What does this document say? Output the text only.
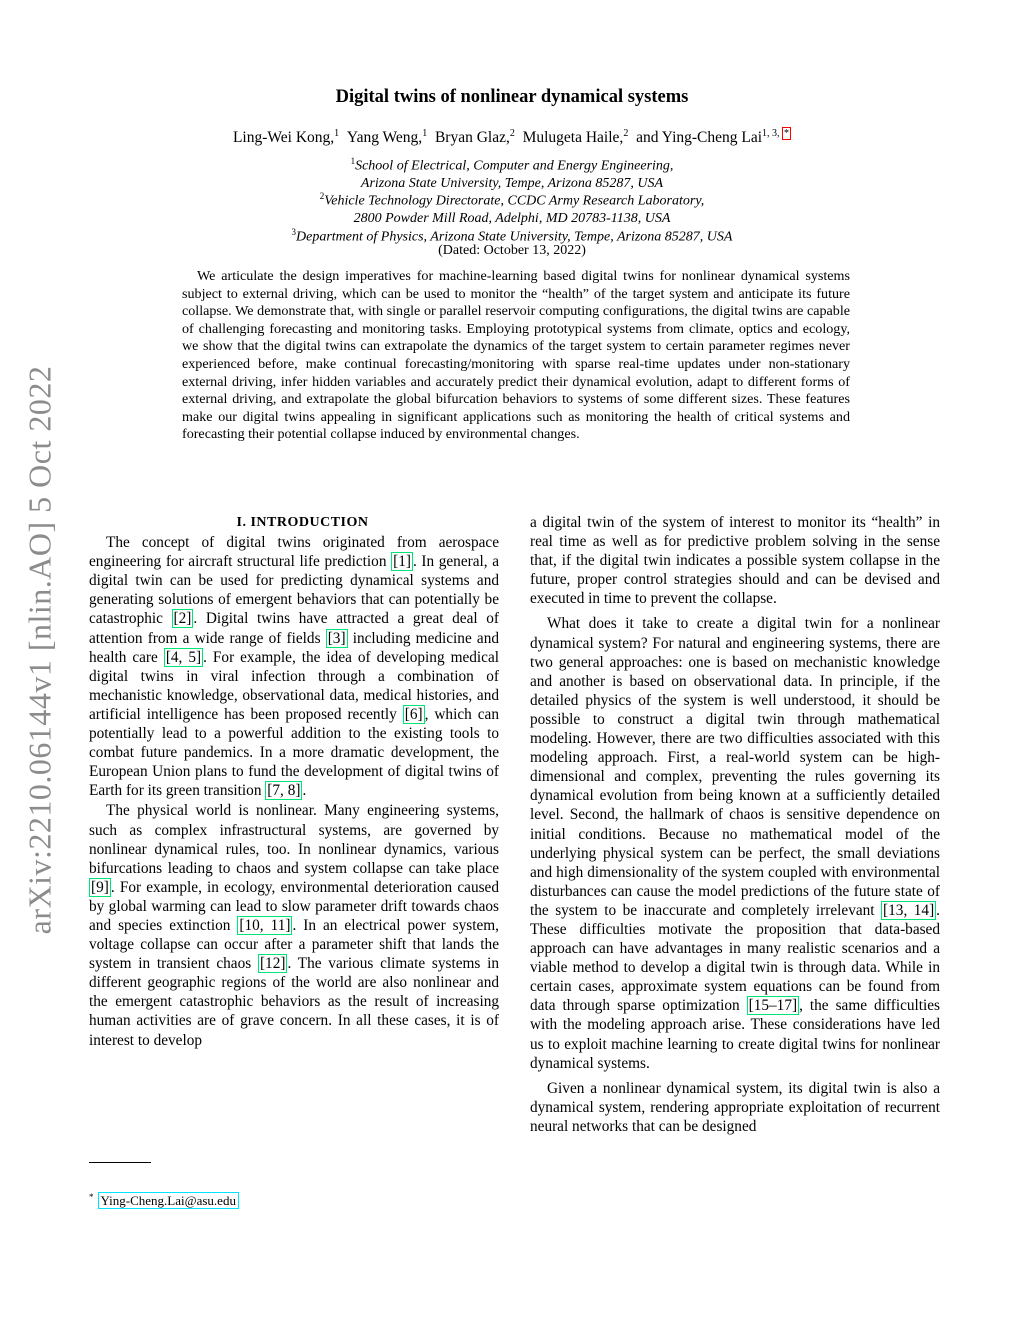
arXiv:2210.06144v1 [nlin.AO] 5 Oct 2022
Digital twins of nonlinear dynamical systems
Ling-Wei Kong,$^1$ Yang Weng,$^1$ Bryan Glaz,$^2$ Mulugeta Haile,$^2$ and Ying-Cheng Lai$^{1, 3,}$ *
$^1$School of Electrical, Computer and Energy Engineering,
Arizona State University, Tempe, Arizona 85287, USA
$^2$Vehicle Technology Directorate, CCDC Army Research Laboratory,
2800 Powder Mill Road, Adelphi, MD 20783-1138, USA
$^3$Department of Physics, Arizona State University, Tempe, Arizona 85287, USA
(Dated: October 13, 2022)
We articulate the design imperatives for machine-learning based digital twins for nonlinear dynamical systems subject to external driving, which can be used to monitor the “health” of the target system and anticipate its future collapse. We demonstrate that, with single or parallel reservoir computing configurations, the digital twins are capable of challenging forecasting and monitoring tasks. Employing prototypical systems from climate, optics and ecology, we show that the digital twins can extrapolate the dynamics of the target system to certain parameter regimes never experienced before, make continual forecasting/monitoring with sparse real-time updates under non-stationary external driving, infer hidden variables and accurately predict their dynamical evolution, adapt to different forms of external driving, and extrapolate the global bifurcation behaviors to systems of some different sizes. These features make our digital twins appealing in significant applications such as monitoring the health of critical systems and forecasting their potential collapse induced by environmental changes.

I. INTRODUCTION

The concept of digital twins originated from aerospace engineering for aircraft structural life prediction [1] . In general, a digital twin can be used for predicting dynamical systems and generating solutions of emergent behaviors that can potentially be catastrophic [2] . Digital twins have attracted a great deal of attention from a wide range of fields [3] including medicine and health care [4, 5] . For example, the idea of developing medical digital twins in viral infection through a combination of mechanistic knowledge, observational data, medical histories, and artificial intelligence has been proposed recently [6] , which can potentially lead to a powerful addition to the existing tools to combat future pandemics. In a more dramatic development, the European Union plans to fund the development of digital twins of Earth for its green transition [7, 8] .

The physical world is nonlinear. Many engineering systems, such as complex infrastructural systems, are governed by nonlinear dynamical rules, too. In nonlinear dynamics, various bifurcations leading to chaos and system collapse can take place [9] . For example, in ecology, environmental deterioration caused by global warming can lead to slow parameter drift towards chaos and species extinction [10, 11] . In an electrical power system, voltage collapse can occur after a parameter shift that lands the system in transient chaos [12] . The various climate systems in different geographic regions of the world are also nonlinear and the emergent catastrophic behaviors as the result of increasing human activities are of grave concern. In all these cases, it is of interest to develop

a digital twin of the system of interest to monitor its “health” in real time as well as for predictive problem solving in the sense that, if the digital twin indicates a possible system collapse in the future, proper control strategies should and can be devised and executed in time to prevent the collapse.

What does it take to create a digital twin for a nonlinear dynamical system? For natural and engineering systems, there are two general approaches: one is based on mechanistic knowledge and another is based on observational data. In principle, if the detailed physics of the system is well understood, it should be possible to construct a digital twin through mathematical modeling. However, there are two difficulties associated with this modeling approach. First, a real-world system can be high-dimensional and complex, preventing the rules governing its dynamical evolution from being known at a sufficiently detailed level. Second, the hallmark of chaos is sensitive dependence on initial conditions. Because no mathematical model of the underlying physical system can be perfect, the small deviations and high dimensionality of the system coupled with environmental disturbances can cause the model predictions of the future state of the system to be inaccurate and completely irrelevant [13, 14] . These difficulties motivate the proposition that data-based approach can have advantages in many realistic scenarios and a viable method to develop a digital twin is through data. While in certain cases, approximate system equations can be found from data through sparse optimization [15–17] , the same difficulties with the modeling approach arise. These considerations have led us to exploit machine learning to create digital twins for nonlinear dynamical systems.

Given a nonlinear dynamical system, its digital twin is also a dynamical system, rendering appropriate exploitation of recurrent neural networks that can be designed

* Ying-Cheng.Lai@asu.edu
